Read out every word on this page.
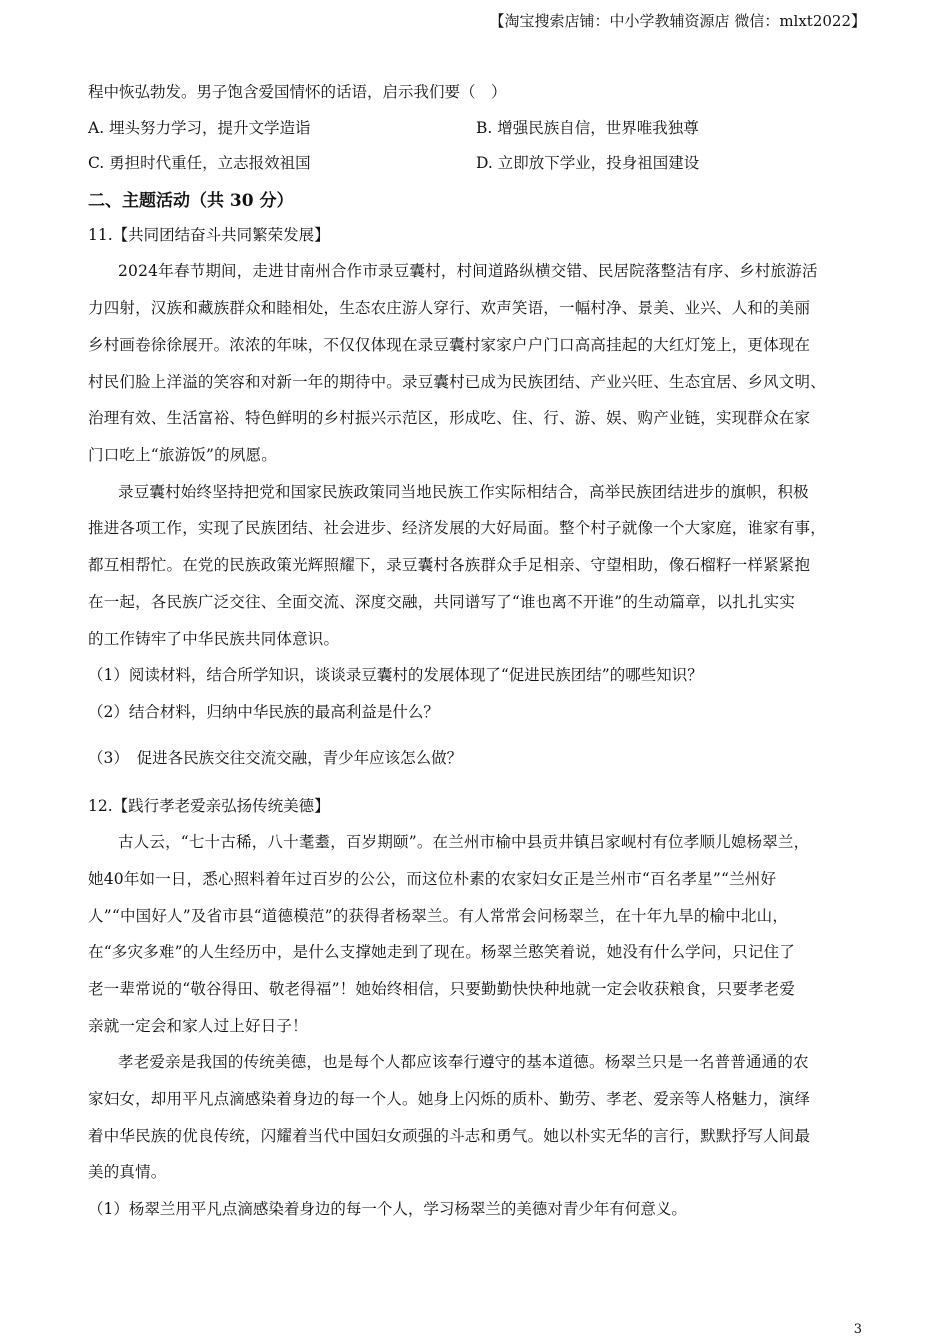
【淘宝搜索店铺：中小学教辅资源店 微信：mlxt2022】
程中恢弘勃发。男子饱含爱国情怀的话语，启示我们要（　）
A. 埋头努力学习，提升文学造诣	B. 增强民族自信，世界唯我独尊
C. 勇担时代重任，立志报效祖国	D. 立即放下学业，投身祖国建设
二、主题活动（共 30 分）
11.【共同团结奋斗共同繁荣发展】
2024年春节期间，走进甘南州合作市录豆囊村，村间道路纵横交错、民居院落整洁有序、乡村旅游活
力四射，汉族和藏族群众和睦相处，生态农庄游人穿行、欢声笑语，一幅村净、景美、业兴、人和的美丽
乡村画卷徐徐展开。浓浓的年味，不仅仅体现在录豆囊村家家户户门口高高挂起的大红灯笼上，更体现在
村民们脸上洋溢的笑容和对新一年的期待中。录豆囊村已成为民族团结、产业兴旺、生态宜居、乡风文明、
治理有效、生活富裕、特色鲜明的乡村振兴示范区，形成吃、住、行、游、娱、购产业链，实现群众在家
门口吃上“旅游饭”的夙愿。
录豆囊村始终坚持把党和国家民族政策同当地民族工作实际相结合，高举民族团结进步的旗帜，积极
推进各项工作，实现了民族团结、社会进步、经济发展的大好局面。整个村子就像一个大家庭，谁家有事，
都互相帮忙。在党的民族政策光辉照耀下，录豆囊村各族群众手足相亲、守望相助，像石榴籽一样紧紧抱
在一起，各民族广泛交往、全面交流、深度交融，共同谱写了“谁也离不开谁”的生动篇章，以扎扎实实
的工作铸牢了中华民族共同体意识。
（1）阅读材料，结合所学知识，谈谈录豆囊村的发展体现了“促进民族团结”的哪些知识？
（2）结合材料，归纳中华民族的最高利益是什么？
（3）　促进各民族交往交流交融，青少年应该怎么做？
12.【践行孝老爱亲弘扬传统美德】
古人云，“七十古稀，八十耄耋，百岁期颐”。在兰州市榆中县贡井镇吕家岘村有位孝顺儿媳杨翠兰，
她40年如一日，悉心照料着年过百岁的公公，而这位朴素的农家妇女正是兰州市“百名孝星”“兰州好
人”“中国好人”及省市县“道德模范”的获得者杨翠兰。有人常常会问杨翠兰，在十年九旱的榆中北山，
在“多灾多难”的人生经历中，是什么支撑她走到了现在。杨翠兰憨笑着说，她没有什么学问，只记住了
老一辈常说的“敬谷得田、敬老得福”！她始终相信，只要勤勤快快种地就一定会收获粮食，只要孝老爱
亲就一定会和家人过上好日子！
孝老爱亲是我国的传统美德，也是每个人都应该奉行遵守的基本道德。杨翠兰只是一名普普通通的农
家妇女，却用平凡点滴感染着身边的每一个人。她身上闪烁的质朴、勤劳、孝老、爱亲等人格魅力，演绎
着中华民族的优良传统，闪耀着当代中国妇女顽强的斗志和勇气。她以朴实无华的言行，默默抒写人间最
美的真情。
（1）杨翠兰用平凡点滴感染着身边的每一个人，学习杨翠兰的美德对青少年有何意义。
3
